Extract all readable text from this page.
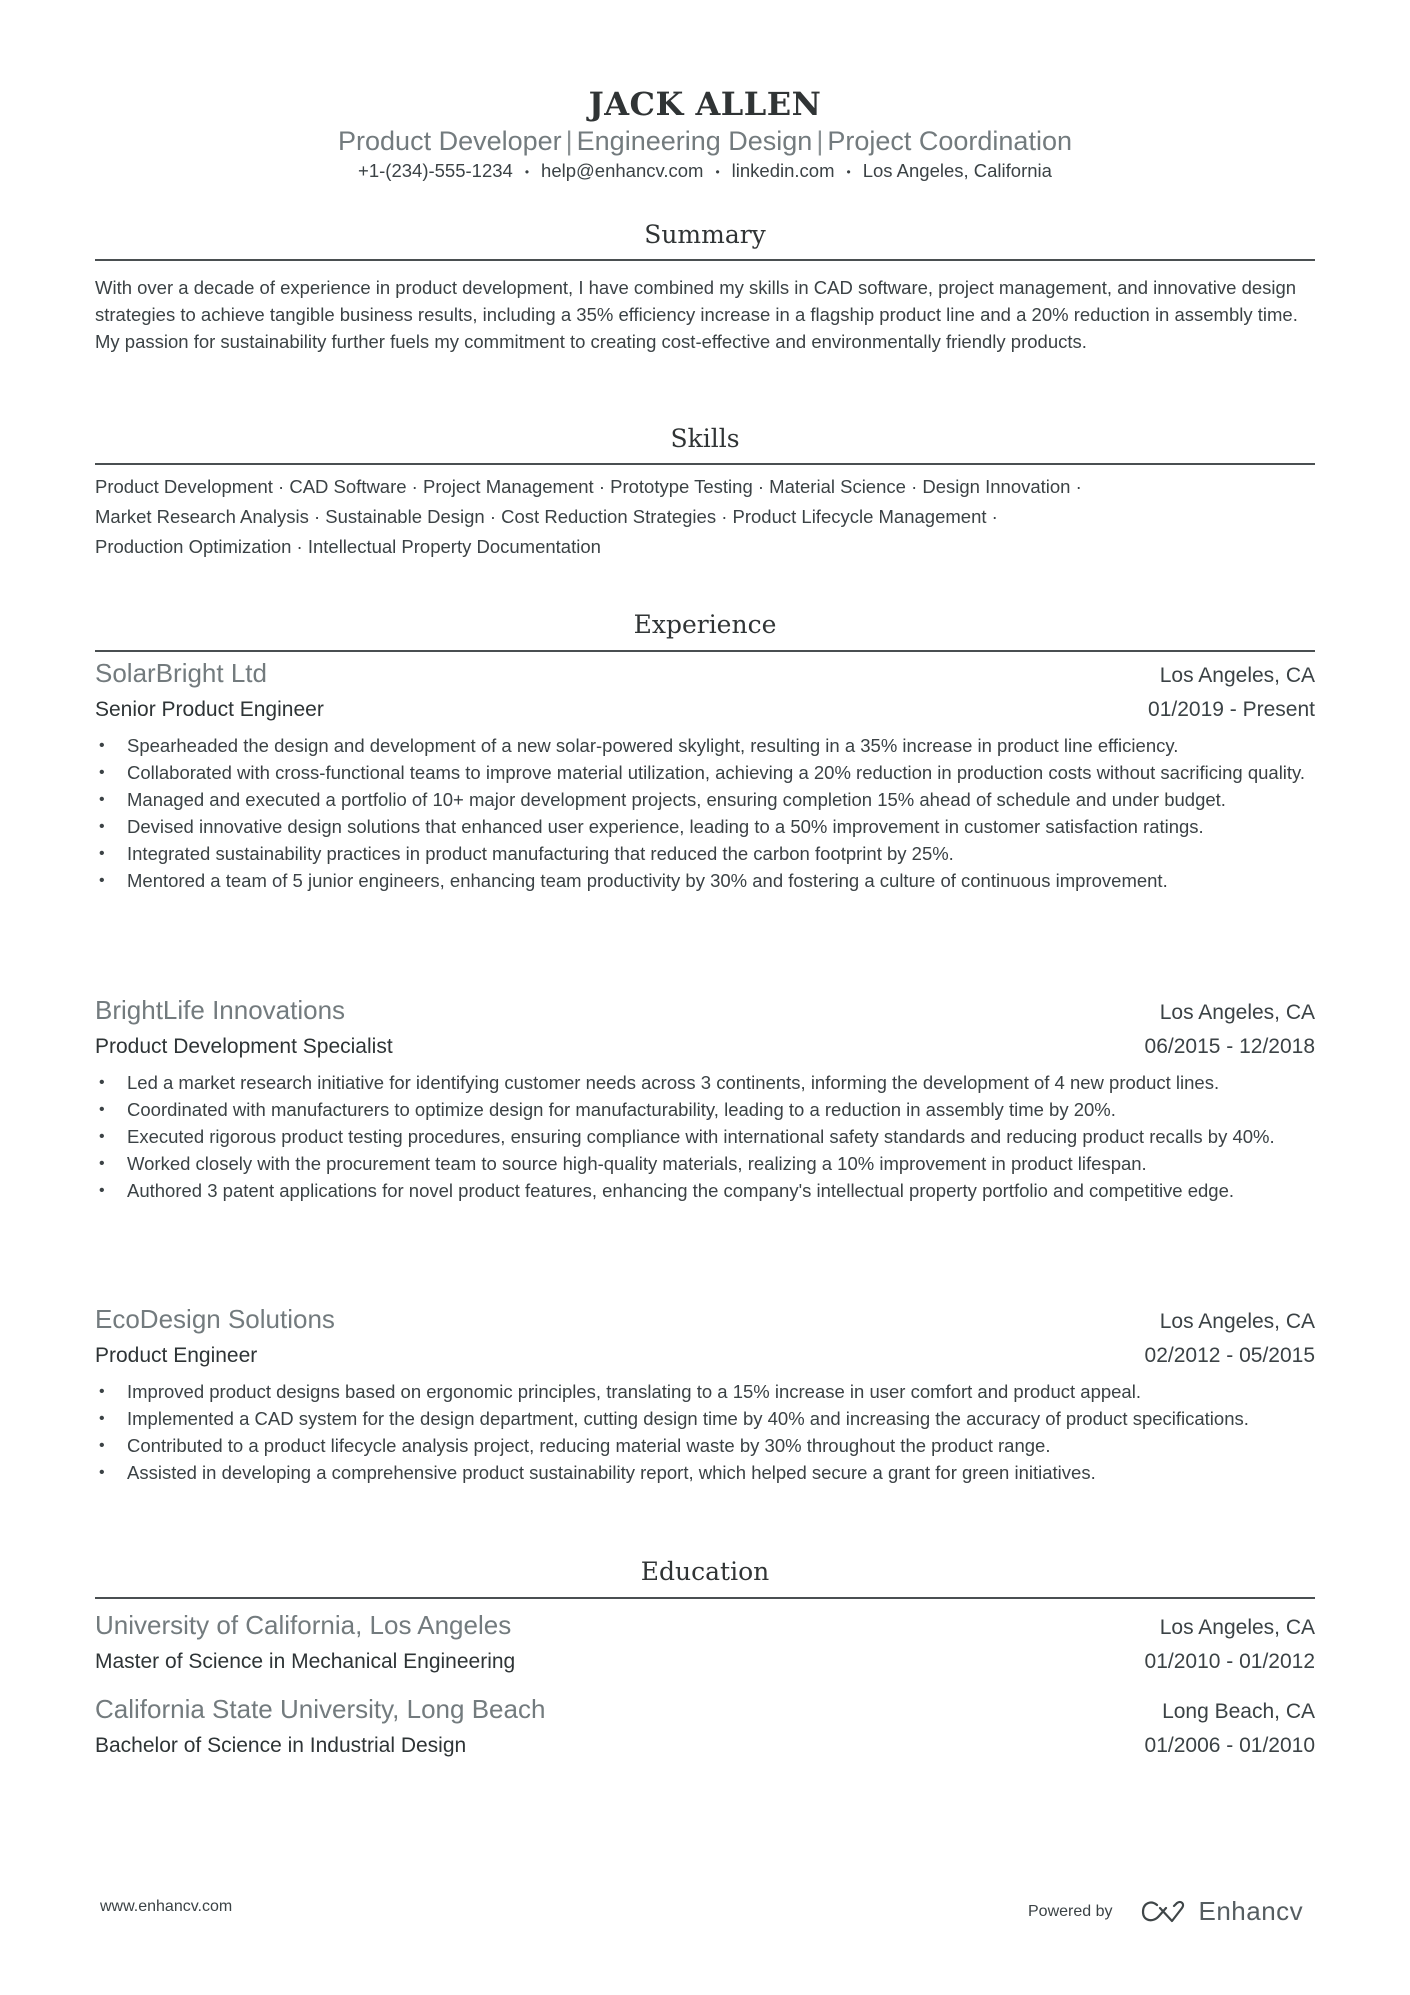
JACK ALLEN
Product Developer | Engineering Design | Project Coordination
+1-(234)-555-1234 • help@enhancv.com • linkedin.com • Los Angeles, California
Summary
With over a decade of experience in product development, I have combined my skills in CAD software, project management, and innovative design strategies to achieve tangible business results, including a 35% efficiency increase in a flagship product line and a 20% reduction in assembly time. My passion for sustainability further fuels my commitment to creating cost-effective and environmentally friendly products.
Skills
Product Development · CAD Software · Project Management · Prototype Testing · Material Science · Design Innovation ·
Market Research Analysis · Sustainable Design · Cost Reduction Strategies · Product Lifecycle Management ·
Production Optimization · Intellectual Property Documentation
Experience
SolarBright Ltd	Los Angeles, CA
Senior Product Engineer	01/2019 - Present
• Spearheaded the design and development of a new solar-powered skylight, resulting in a 35% increase in product line efficiency.
• Collaborated with cross-functional teams to improve material utilization, achieving a 20% reduction in production costs without sacrificing quality.
• Managed and executed a portfolio of 10+ major development projects, ensuring completion 15% ahead of schedule and under budget.
• Devised innovative design solutions that enhanced user experience, leading to a 50% improvement in customer satisfaction ratings.
• Integrated sustainability practices in product manufacturing that reduced the carbon footprint by 25%.
• Mentored a team of 5 junior engineers, enhancing team productivity by 30% and fostering a culture of continuous improvement.
BrightLife Innovations	Los Angeles, CA
Product Development Specialist	06/2015 - 12/2018
• Led a market research initiative for identifying customer needs across 3 continents, informing the development of 4 new product lines.
• Coordinated with manufacturers to optimize design for manufacturability, leading to a reduction in assembly time by 20%.
• Executed rigorous product testing procedures, ensuring compliance with international safety standards and reducing product recalls by 40%.
• Worked closely with the procurement team to source high-quality materials, realizing a 10% improvement in product lifespan.
• Authored 3 patent applications for novel product features, enhancing the company's intellectual property portfolio and competitive edge.
EcoDesign Solutions	Los Angeles, CA
Product Engineer	02/2012 - 05/2015
• Improved product designs based on ergonomic principles, translating to a 15% increase in user comfort and product appeal.
• Implemented a CAD system for the design department, cutting design time by 40% and increasing the accuracy of product specifications.
• Contributed to a product lifecycle analysis project, reducing material waste by 30% throughout the product range.
• Assisted in developing a comprehensive product sustainability report, which helped secure a grant for green initiatives.
Education
University of California, Los Angeles	Los Angeles, CA
Master of Science in Mechanical Engineering	01/2010 - 01/2012
California State University, Long Beach	Long Beach, CA
Bachelor of Science in Industrial Design	01/2006 - 01/2010
www.enhancv.com	Powered by	Enhancv
